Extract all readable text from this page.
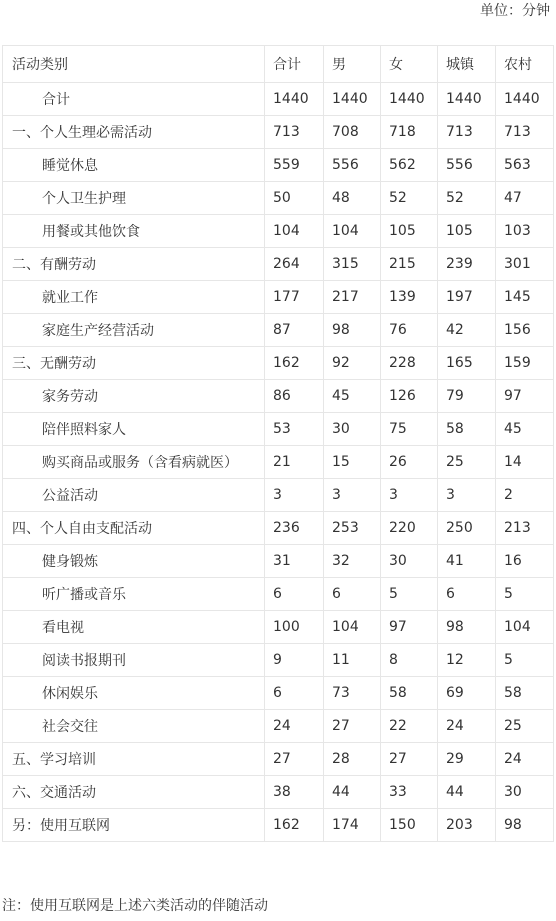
单位：分钟
活动类别	合计	男	女	城镇	农村
合计	1440	1440	1440	1440	1440
一、个人生理必需活动	713	708	718	713	713
睡觉休息	559	556	562	556	563
个人卫生护理	50	48	52	52	47
用餐或其他饮食	104	104	105	105	103
二、有酬劳动	264	315	215	239	301
就业工作	177	217	139	197	145
家庭生产经营活动	87	98	76	42	156
三、无酬劳动	162	92	228	165	159
家务劳动	86	45	126	79	97
陪伴照料家人	53	30	75	58	45
购买商品或服务（含看病就医）	21	15	26	25	14
公益活动	3	3	3	3	2
四、个人自由支配活动	236	253	220	250	213
健身锻炼	31	32	30	41	16
听广播或音乐	6	6	5	6	5
看电视	100	104	97	98	104
阅读书报期刊	9	11	8	12	5
休闲娱乐	6	73	58	69	58
社会交往	24	27	22	24	25
五、学习培训	27	28	27	29	24
六、交通活动	38	44	33	44	30
另：使用互联网	162	174	150	203	98
注：使用互联网是上述六类活动的伴随活动
